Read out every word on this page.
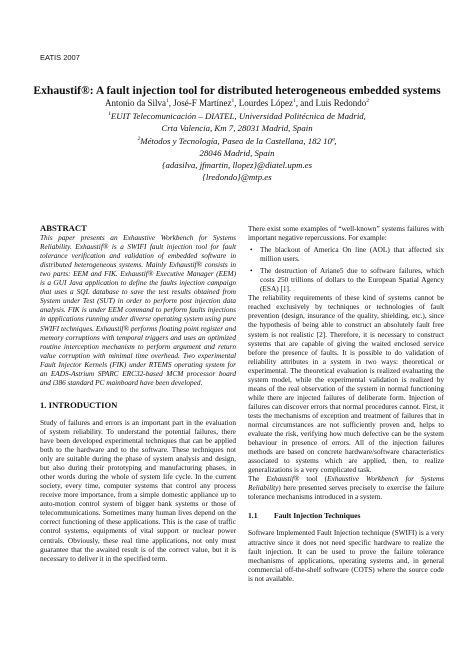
EATIS 2007
Exhaustif®: A fault injection tool for distributed heterogeneous embedded systems
Antonio da Silva$^1$, José-F Martínez$^1$, Lourdes López$^1$, and Luis Redondo$^2$
$^1$EUIT Telecomunicación – DIATEL, Universidad Politécnica de Madrid,
Crta Valencia, Km 7, 28031 Madrid, Spain
$^2$Métodos y Tecnología, Paseo de la Castellana, 182 10ª,
28046 Madrid, Spain
{adasilva, jfmartin, llopez}@diatel.upm.es
{lredondo}@mtp.es

ABSTRACT

This paper presents an Exhaustive Workbench for Systems Reliability. Exhaustif® is a SWIFI fault injection tool for fault tolerance verification and validation of embedded software in distributed heterogeneous systems. Mainly Exhaustif® consists in two parts: EEM and FIK. Exhaustif® Executive Manager (EEM) is a GUI Java application to define the faults injection campaign that uses a SQL database to save the test results obtained from System under Test (SUT) in order to perform post injection data analysis. FIK is under EEM command to perform faults injections in applications running under diverse operating system using pure SWIFI techniques. Exhaustif® performs floating point register and memory corruptions with temporal triggers and uses an optimized routine interception mechanism to perform argument and return value corruption with minimal time overhead. Two experimental Fault Injector Kernels (FIK) under RTEMS operating system for an EADS-Astrium SPARC ERC32-based MCM processor board and i386 standard PC mainboard have been developed.

1. INTRODUCTION

Study of failures and errors is an important part in the evaluation of system reliability. To understand the potential failures, there have been developed experimental techniques that can be applied both to the hardware and to the software. These techniques not only are suitable during the phase of system analysis and design, but also during their prototyping and manufacturing phases, in other words during the whole of system life cycle. In the current society, every time, computer systems that control any process receive more importance, from a simple domestic appliance up to auto-motion control system of bigger bank systems or those of telecommunications. Sometimes many human lives depend on the correct functioning of these applications. This is the case of traffic control systems, equipments of vital support or nuclear power centrals. Obviously, these real time applications, not only must guarantee that the awaited result is of the correct value, but it is necessary to deliver it in the specified term.

There exist some examples of “well-known” systems failures with important negative repercussions. For example:

• The blackout of America On line (AOL) that affected six million users.
• The destruction of Ariane5 due to software failures, which costs 250 trillions of dollars to the European Spatial Agency (ESA) [1].

The reliability requirements of these kind of systems cannot be reached exclusively by techniques or technologies of fault prevention (design, insurance of the quality, shielding, etc.), since the hypothesis of being able to construct an absolutely fault free system is not realistic [2]. Therefore, it is necessary to construct systems that are capable of giving the waited enclosed service before the presence of faults. It is possible to do validation of reliability attributes in a system in two ways: theoretical or experimental. The theoretical evaluation is realized evaluating the system model, while the experimental validation is realized by means of the real observation of the system in normal functioning while there are injected failures of deliberate form. Injection of failures can discover errors that normal procedures cannot. First, it tests the mechanisms of exception and treatment of failures that in normal circumstances are not sufficiently proven and, helps to evaluate the risk, verifying how much defective can be the system behaviour in presence of errors. All of the injection failures methods are based on concrete hardware/software characteristics associated to systems which are applied, then, to realize generalizations is a very complicated task.

The Exhaustif® tool (Exhaustive Workbench for Systems Reliability) here presented serves precisely to exercise the failure tolerance mechanisms introduced in a system.

1.1	Fault Injection Techniques

Software Implemented Fault Injection technique (SWIFI) is a very attractive since it does not need specific hardware to realize the fault injection. It can be used to prove the failure tolerance mechanisms of applications, operating systems and, in general commercial off-the-shelf software (COTS) where the source code is not available.
